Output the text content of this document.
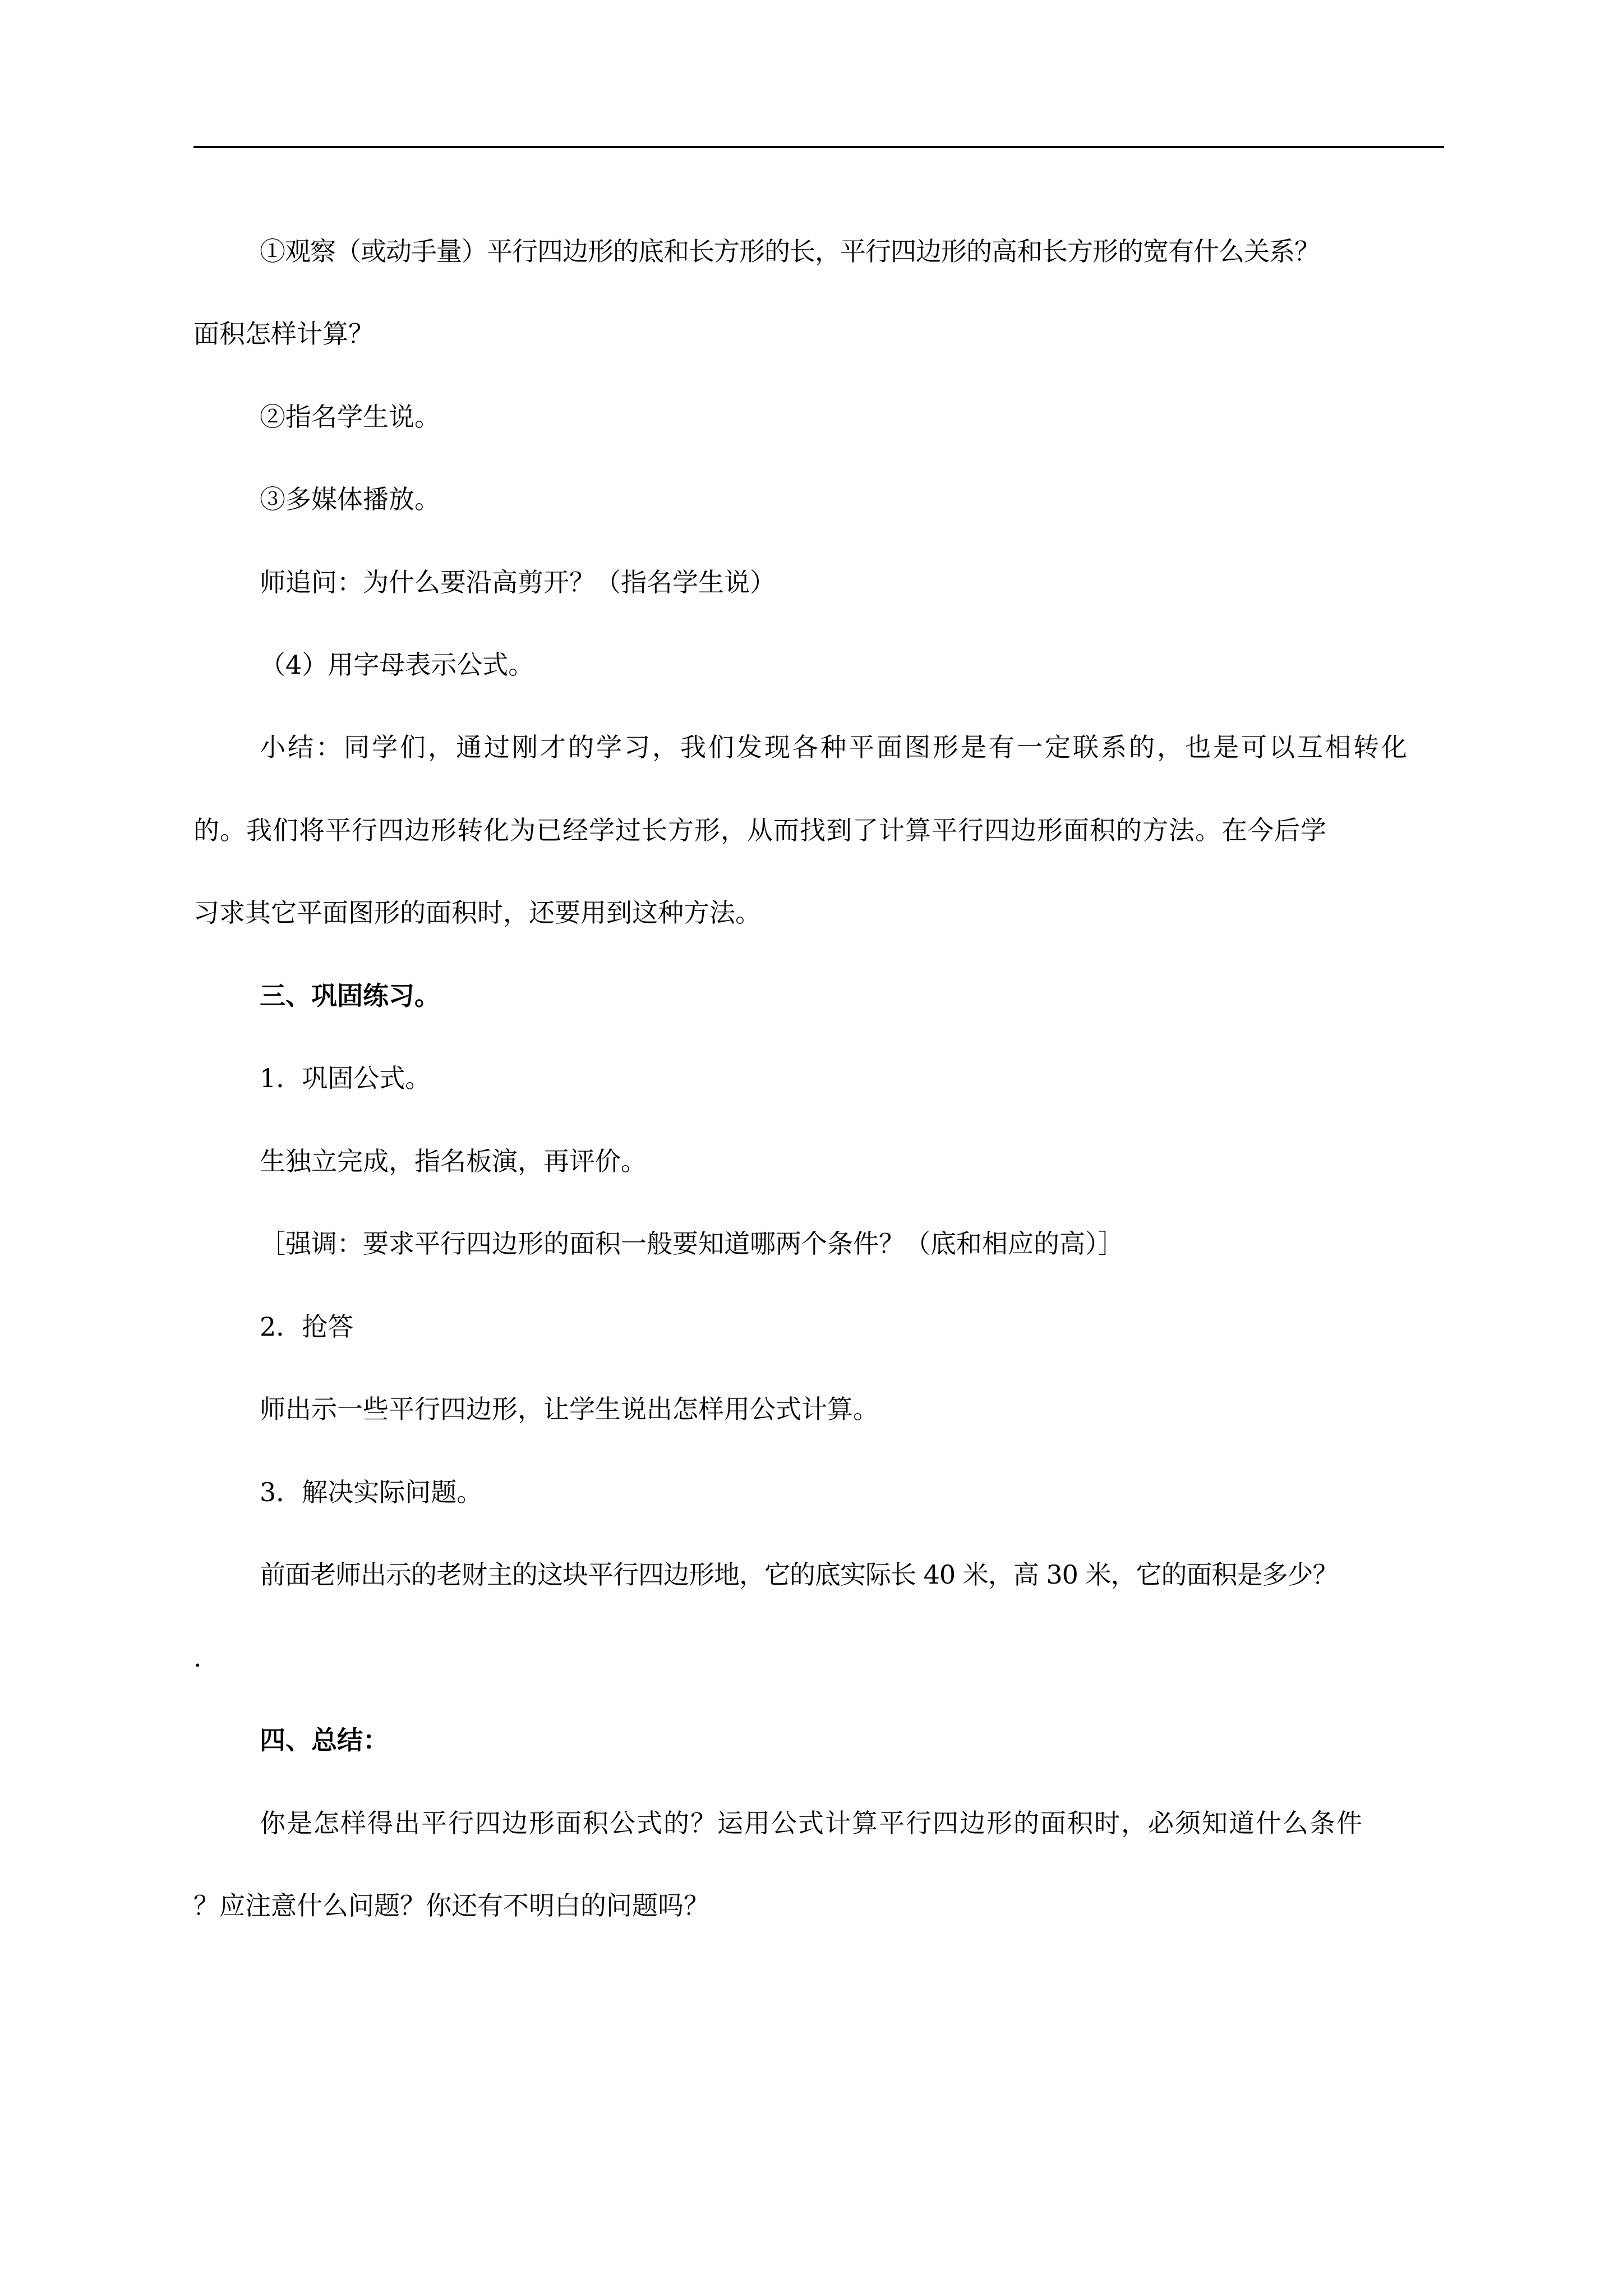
①观察（或动手量）平行四边形的底和长方形的长，平行四边形的高和长方形的宽有什么关系？
面积怎样计算？
②指名学生说。
③多媒体播放。
师追问：为什么要沿高剪开？（指名学生说）
（4）用字母表示公式。
小结：同学们，通过刚才的学习，我们发现各种平面图形是有一定联系的，也是可以互相转化
的。我们将平行四边形转化为已经学过长方形，从而找到了计算平行四边形面积的方法。在今后学
习求其它平面图形的面积时，还要用到这种方法。
三、巩固练习。
1．巩固公式。
生独立完成，指名板演，再评价。
［强调：要求平行四边形的面积一般要知道哪两个条件？（底和相应的高）］
2．抢答
师出示一些平行四边形，让学生说出怎样用公式计算。
3．解决实际问题。
前面老师出示的老财主的这块平行四边形地，它的底实际长 40 米，高 30 米，它的面积是多少？
.
四、总结：
你是怎样得出平行四边形面积公式的？运用公式计算平行四边形的面积时，必须知道什么条件
？应注意什么问题？你还有不明白的问题吗？
